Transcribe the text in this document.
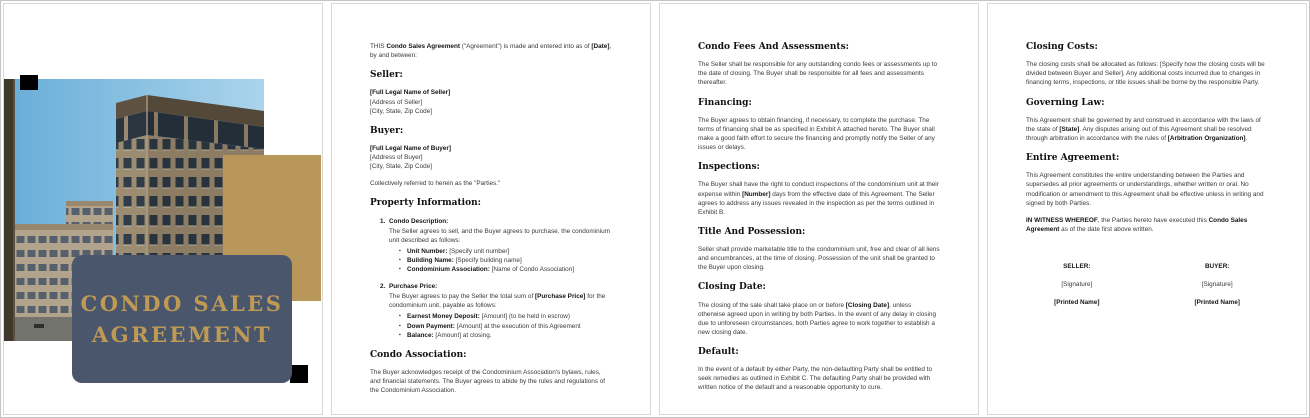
CONDO SALES
AGREEMENT
THIS Condo Sales Agreement ("Agreement") is made and entered into as of [Date], by and between:
Seller:
[Full Legal Name of Seller]
[Address of Seller]
[City, State, Zip Code]
Buyer:
[Full Legal Name of Buyer]
[Address of Buyer]
[City, State, Zip Code]
Collectively referred to herein as the "Parties."
Property Information:
1. Condo Description:
The Seller agrees to sell, and the Buyer agrees to purchase, the condominium unit described as follows:
▪ Unit Number: [Specify unit number]
▪ Building Name: [Specify building name]
▪ Condominium Association: [Name of Condo Association]
2. Purchase Price:
The Buyer agrees to pay the Seller the total sum of [Purchase Price] for the condominium unit, payable as follows:
▪ Earnest Money Deposit: [Amount] (to be held in escrow)
▪ Down Payment: [Amount] at the execution of this Agreement
▪ Balance: [Amount] at closing.
Condo Association:
The Buyer acknowledges receipt of the Condominium Association's bylaws, rules, and financial statements. The Buyer agrees to abide by the rules and regulations of the Condominium Association.
Condo Fees And Assessments:
The Seller shall be responsible for any outstanding condo fees or assessments up to the date of closing. The Buyer shall be responsible for all fees and assessments thereafter.
Financing:
The Buyer agrees to obtain financing, if necessary, to complete the purchase. The terms of financing shall be as specified in Exhibit A attached hereto. The Buyer shall make a good faith effort to secure the financing and promptly notify the Seller of any issues or delays.
Inspections:
The Buyer shall have the right to conduct inspections of the condominium unit at their expense within [Number] days from the effective date of this Agreement. The Seller agrees to address any issues revealed in the inspection as per the terms outlined in Exhibit B.
Title And Possession:
Seller shall provide marketable title to the condominium unit, free and clear of all liens and encumbrances, at the time of closing. Possession of the unit shall be granted to the Buyer upon closing.
Closing Date:
The closing of the sale shall take place on or before [Closing Date], unless otherwise agreed upon in writing by both Parties. In the event of any delay in closing due to unforeseen circumstances, both Parties agree to work together to establish a new closing date.
Default:
In the event of a default by either Party, the non-defaulting Party shall be entitled to seek remedies as outlined in Exhibit C. The defaulting Party shall be provided with written notice of the default and a reasonable opportunity to cure.
Closing Costs:
The closing costs shall be allocated as follows: [Specify how the closing costs will be divided between Buyer and Seller]. Any additional costs incurred due to changes in financing terms, inspections, or title issues shall be borne by the responsible Party.
Governing Law:
This Agreement shall be governed by and construed in accordance with the laws of the state of [State]. Any disputes arising out of this Agreement shall be resolved through arbitration in accordance with the rules of [Arbitration Organization].
Entire Agreement:
This Agreement constitutes the entire understanding between the Parties and supersedes all prior agreements or understandings, whether written or oral. No modification or amendment to this Agreement shall be effective unless in writing and signed by both Parties.
IN WITNESS WHEREOF, the Parties hereto have executed this Condo Sales Agreement as of the date first above written.
SELLER:
[Signature]
[Printed Name]
BUYER:
[Signature]
[Printed Name]
